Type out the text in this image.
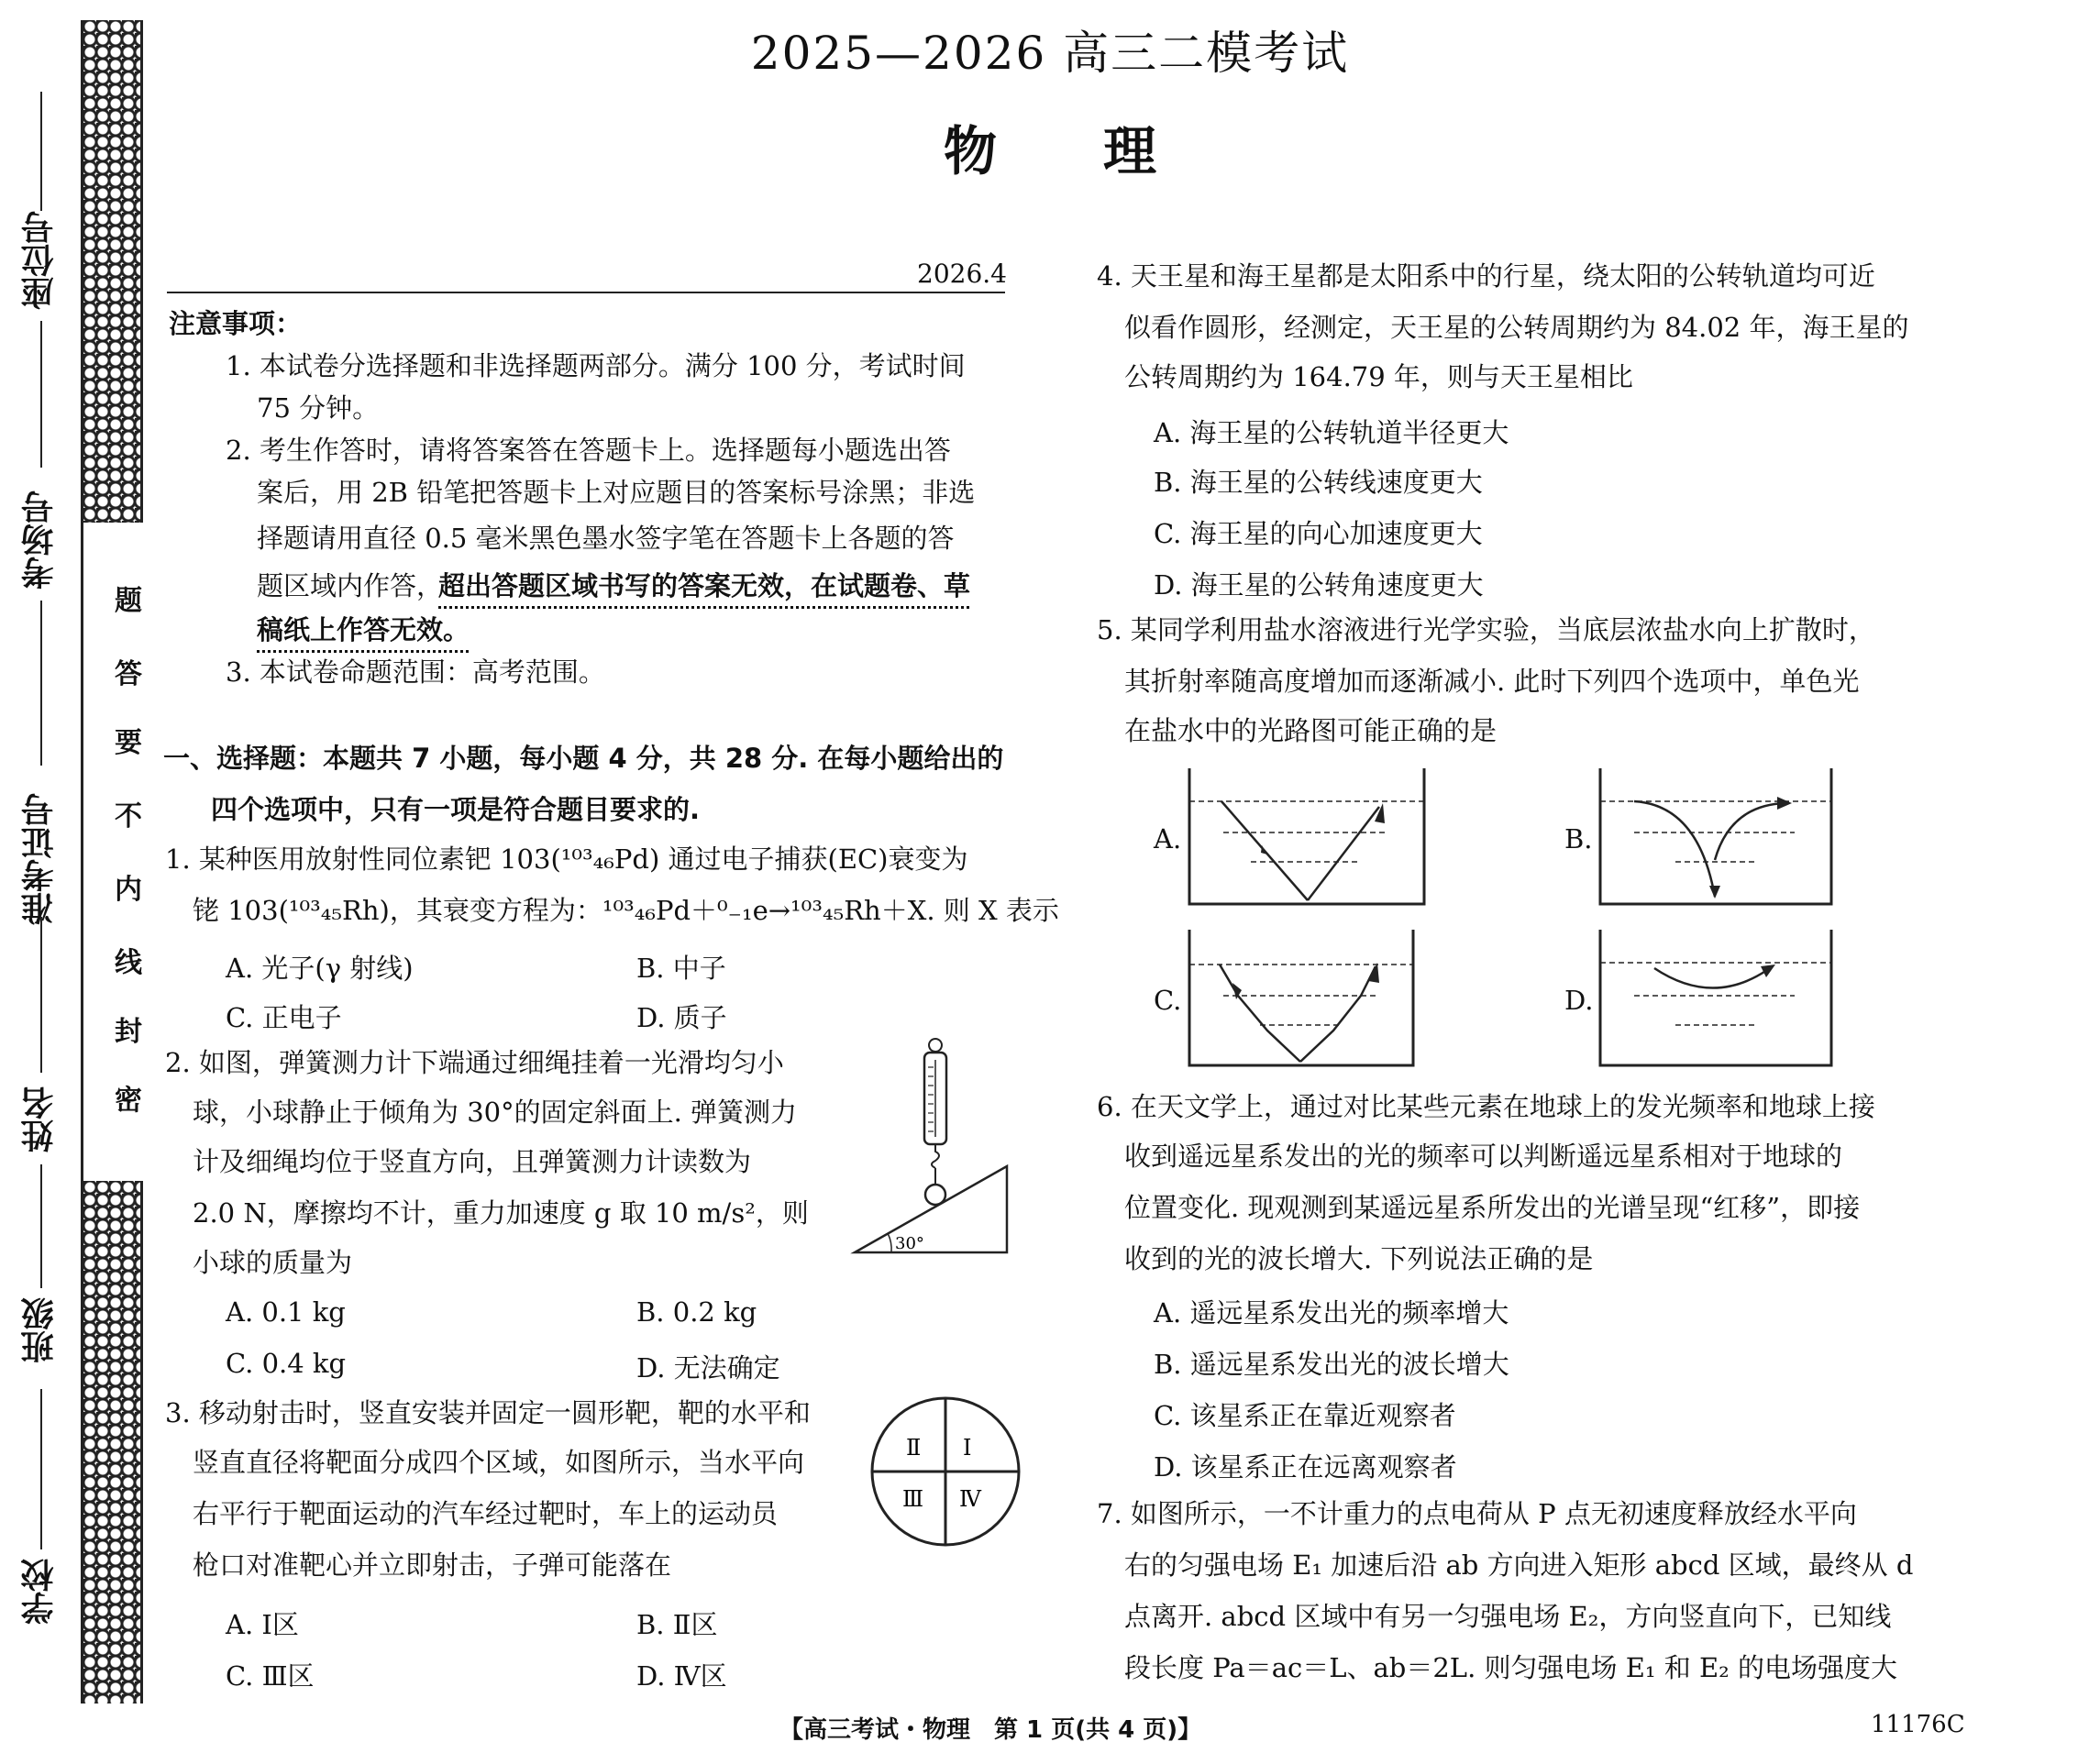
座位号
考场号
准考证号
姓名
班级
学校
题
答
要
不
内
线
封
密
2025—2026 高三二模考试
物　　理
2026.4
注意事项：
1. 本试卷分选择题和非选择题两部分。满分 100 分，考试时间
75 分钟。
2. 考生作答时，请将答案答在答题卡上。选择题每小题选出答
案后，用 2B 铅笔把答题卡上对应题目的答案标号涂黑；非选
择题请用直径 0.5 毫米黑色墨水签字笔在答题卡上各题的答
题区域内作答，
超出答题区域书写的答案无效，在试题卷、草
稿纸上作答无效。
3. 本试卷命题范围：高考范围。
一、选择题：本题共 7 小题，每小题 4 分，共 28 分. 在每小题给出的
四个选项中，只有一项是符合题目要求的.
1. 某种医用放射性同位素钯 103(¹⁰³₄₆Pd) 通过电子捕获(EC)衰变为
铑 103(¹⁰³₄₅Rh)，其衰变方程为：¹⁰³₄₆Pd＋⁰₋₁e→¹⁰³₄₅Rh＋X. 则 X 表示
A. 光子(γ 射线)	B. 中子
C. 正电子	D. 质子
2. 如图，弹簧测力计下端通过细绳挂着一光滑均匀小
球，小球静止于倾角为 30°的固定斜面上. 弹簧测力
计及细绳均位于竖直方向，且弹簧测力计读数为
2.0 N，摩擦均不计，重力加速度 g 取 10 m/s²，则
小球的质量为
A. 0.1 kg	B. 0.2 kg
C. 0.4 kg	D. 无法确定
30°
3. 移动射击时，竖直安装并固定一圆形靶，靶的水平和
竖直直径将靶面分成四个区域，如图所示，当水平向
右平行于靶面运动的汽车经过靶时，车上的运动员
枪口对准靶心并立即射击，子弹可能落在
A. Ⅰ区	B. Ⅱ区
C. Ⅲ区	D. Ⅳ区
Ⅱ Ⅰ
Ⅲ Ⅳ
4. 天王星和海王星都是太阳系中的行星，绕太阳的公转轨道均可近
似看作圆形，经测定，天王星的公转周期约为 84.02 年，海王星的
公转周期约为 164.79 年，则与天王星相比
A. 海王星的公转轨道半径更大
B. 海王星的公转线速度更大
C. 海王星的向心加速度更大
D. 海王星的公转角速度更大
5. 某同学利用盐水溶液进行光学实验，当底层浓盐水向上扩散时，
其折射率随高度增加而逐渐减小. 此时下列四个选项中，单色光
在盐水中的光路图可能正确的是
A.	B.
C.	D.
6. 在天文学上，通过对比某些元素在地球上的发光频率和地球上接
收到遥远星系发出的光的频率可以判断遥远星系相对于地球的
位置变化. 现观测到某遥远星系所发出的光谱呈现“红移”，即接
收到的光的波长增大. 下列说法正确的是
A. 遥远星系发出光的频率增大
B. 遥远星系发出光的波长增大
C. 该星系正在靠近观察者
D. 该星系正在远离观察者
7. 如图所示，一不计重力的点电荷从 P 点无初速度释放经水平向
右的匀强电场 E₁ 加速后沿 ab 方向进入矩形 abcd 区域，最终从 d
点离开. abcd 区域中有另一匀强电场 E₂，方向竖直向下，已知线
段长度 Pa＝ac＝L、ab＝2L. 则匀强电场 E₁ 和 E₂ 的电场强度大
【高三考试・物理　第 1 页(共 4 页)】	11176C
